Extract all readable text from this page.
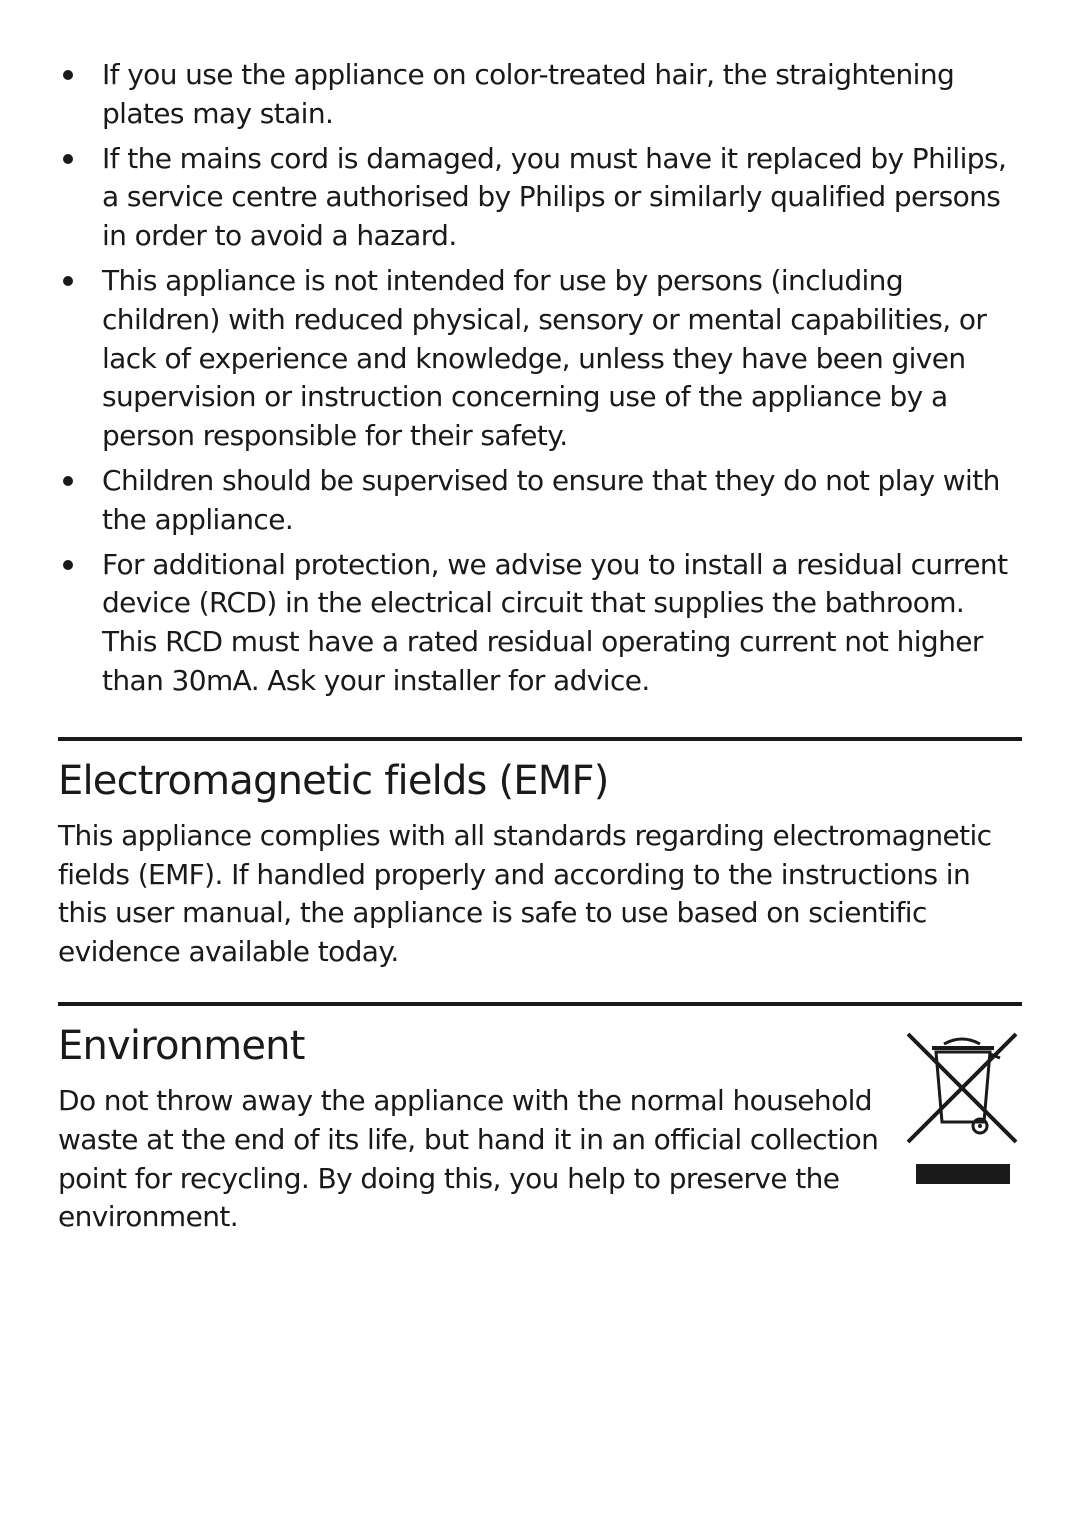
If you use the appliance on color-treated hair, the straightening plates may stain.
If the mains cord is damaged, you must have it replaced by Philips, a service centre authorised by Philips or similarly qualified persons in order to avoid a hazard.
This appliance is not intended for use by persons (including children) with reduced physical, sensory or mental capabilities, or lack of experience and knowledge, unless they have been given supervision or instruction concerning use of the appliance by a person responsible for their safety.
Children should be supervised to ensure that they do not play with the appliance.
For additional protection, we advise you to install a residual current device (RCD) in the electrical circuit that supplies the bathroom. This RCD must have a rated residual operating current not higher than 30mA. Ask your installer for advice.
Electromagnetic fields (EMF)

This appliance complies with all standards regarding electromagnetic fields (EMF). If handled properly and according to the instructions in this user manual, the appliance is safe to use based on scientific evidence available today.

Environment

Do not throw away the appliance with the normal household waste at the end of its life, but hand it in an official collection point for recycling. By doing this, you help to preserve the environment.
